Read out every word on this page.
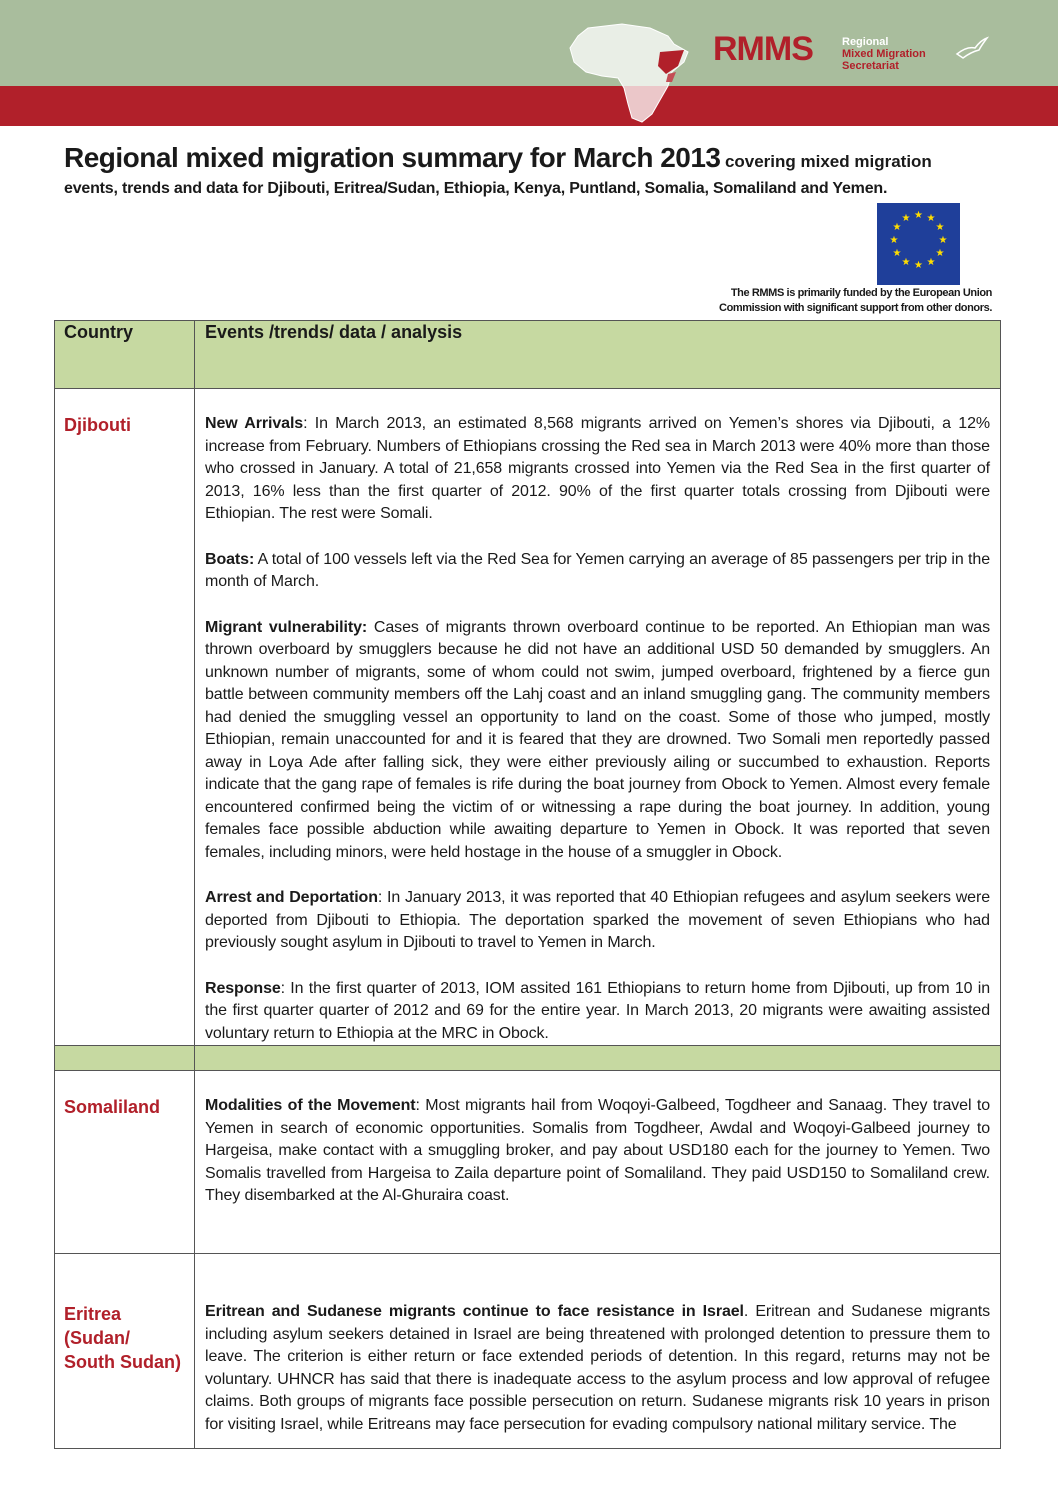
RMMS	Regional
Mixed Migration
Secretariat
Regional mixed migration summary for March 2013 covering mixed migration
events, trends and data for Djibouti, Eritrea/Sudan, Ethiopia, Kenya, Puntland, Somalia, Somaliland and Yemen.
★ ★
★
★
★
★
★
★
★
★
★
★
The RMMS is primarily funded by the European Union
Commission with significant support from other donors.
Country	Events /trends/ data / analysis
Djibouti	New Arrivals: In March 2013, an estimated 8,568 migrants arrived on Yemen’s shores via Djibouti, a 12% increase from February. Numbers of Ethiopians crossing the Red sea in March 2013 were 40% more than those who crossed in January. A total of 21,658 migrants crossed into Yemen via the Red Sea in the first quarter of 2013, 16% less than the first quarter of 2012. 90% of the first quarter totals crossing from Djibouti were Ethiopian. The rest were Somali.

Boats: A total of 100 vessels left via the Red Sea for Yemen carrying an average of 85 passengers per trip in the month of March.

Migrant vulnerability: Cases of migrants thrown overboard continue to be reported. An Ethiopian man was thrown overboard by smugglers because he did not have an additional USD 50 demanded by smugglers. An unknown number of migrants, some of whom could not swim, jumped overboard, frightened by a fierce gun battle between community members off the Lahj coast and an inland smuggling gang. The community members had denied the smuggling vessel an opportunity to land on the coast. Some of those who jumped, mostly Ethiopian, remain unaccounted for and it is feared that they are drowned. Two Somali men reportedly passed away in Loya Ade after falling sick, they were either previously ailing or succumbed to exhaustion. Reports indicate that the gang rape of females is rife during the boat journey from Obock to Yemen. Almost every female encountered confirmed being the victim of or witnessing a rape during the boat journey. In addition, young females face possible abduction while awaiting departure to Yemen in Obock. It was reported that seven females, including minors, were held hostage in the house of a smuggler in Obock.

Arrest and Deportation: In January 2013, it was reported that 40 Ethiopian refugees and asylum seekers were deported from Djibouti to Ethiopia. The deportation sparked the movement of seven Ethiopians who had previously sought asylum in Djibouti to travel to Yemen in March.

Response: In the first quarter of 2013, IOM assited 161 Ethiopians to return home from Djibouti, up from 10 in the first quarter quarter of 2012 and 69 for the entire year. In March 2013, 20 migrants were awaiting assisted voluntary return to Ethiopia at the MRC in Obock.

Somaliland	Modalities of the Movement: Most migrants hail from Woqoyi-Galbeed, Togdheer and Sanaag. They travel to Yemen in search of economic opportunities. Somalis from Togdheer, Awdal and Woqoyi-Galbeed journey to Hargeisa, make contact with a smuggling broker, and pay about USD180 each for the journey to Yemen. Two Somalis travelled from Hargeisa to Zaila departure point of Somaliland. They paid USD150 to Somaliland crew. They disembarked at the Al-Ghuraira coast.

Eritrea (Sudan/ South Sudan)	Eritrean and Sudanese migrants continue to face resistance in Israel. Eritrean and Sudanese migrants including asylum seekers detained in Israel are being threatened with prolonged detention to pressure them to leave. The criterion is either return or face extended periods of detention. In this regard, returns may not be voluntary. UHNCR has said that there is inadequate access to the asylum process and low approval of refugee claims. Both groups of migrants face possible persecution on return. Sudanese migrants risk 10 years in prison for visiting Israel, while Eritreans may face persecution for evading compulsory national military service. The
